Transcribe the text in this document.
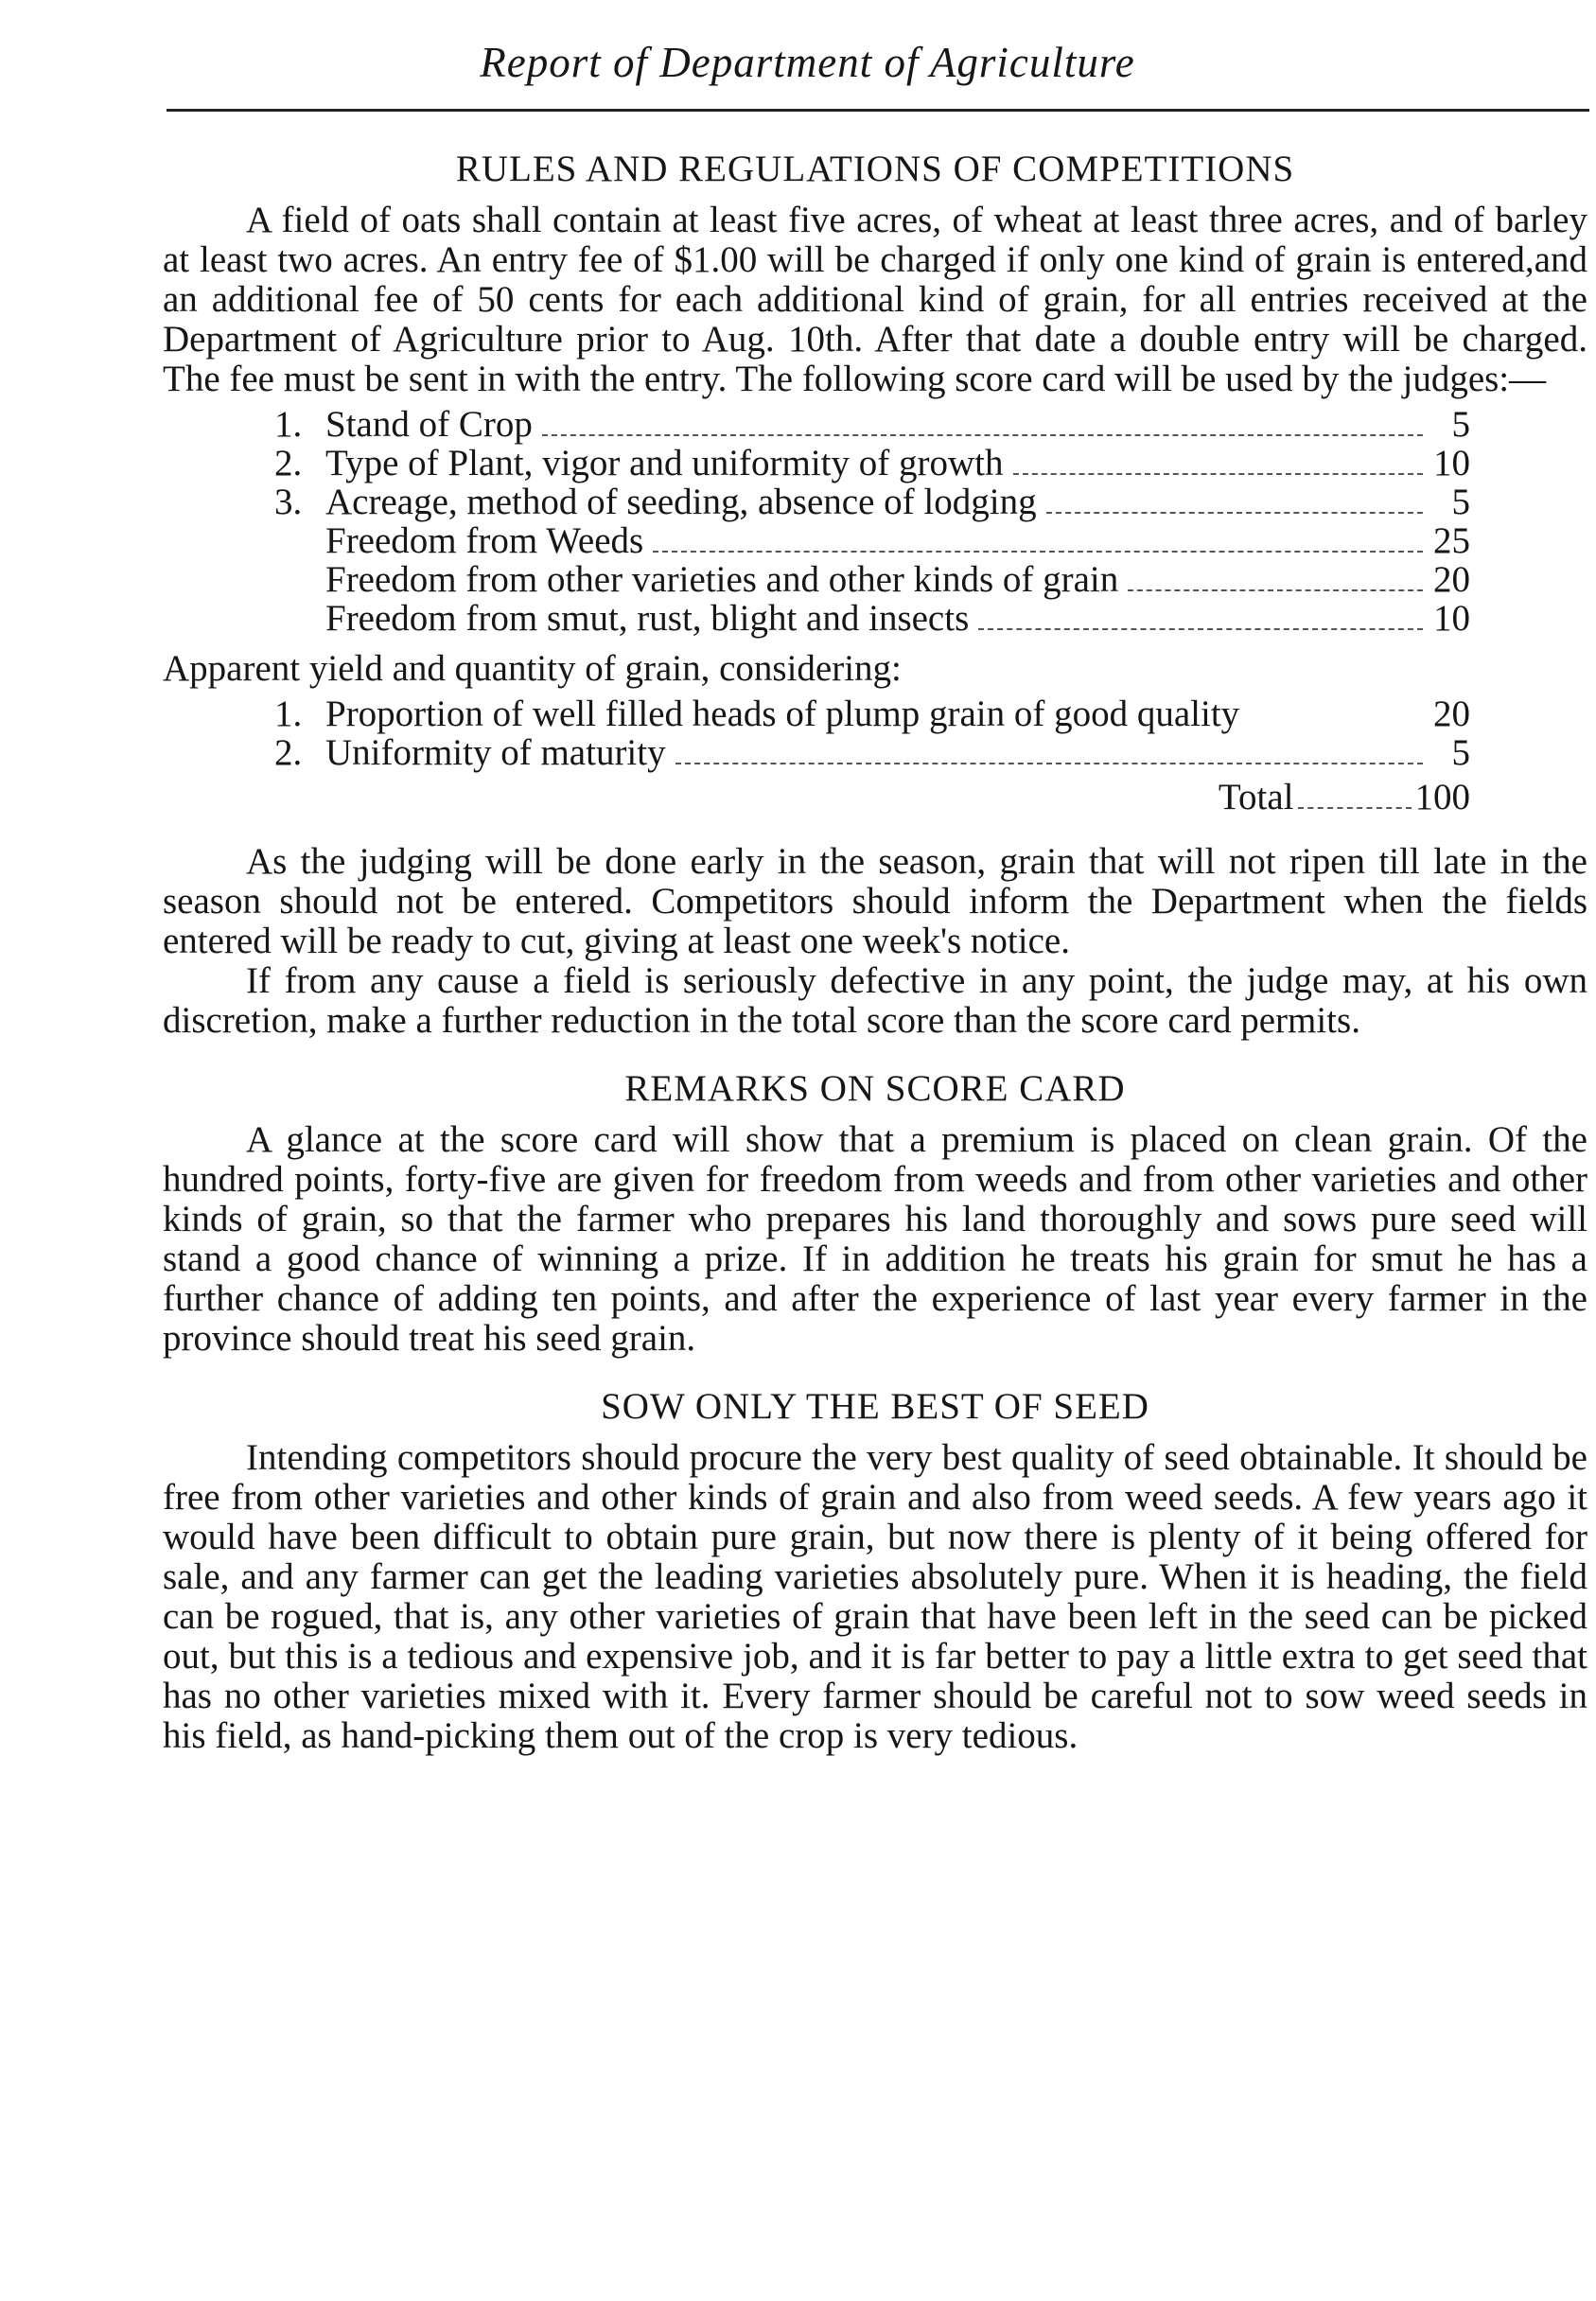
Report of Department of Agriculture
RULES AND REGULATIONS OF COMPETITIONS

A field of oats shall contain at least five acres, of wheat at least three acres, and of barley at least two acres. An entry fee of $1.00 will be charged if only one kind of grain is entered,and an additional fee of 50 cents for each additional kind of grain, for all entries received at the Department of Agriculture prior to Aug. 10th. After that date a double entry will be charged. The fee must be sent in with the entry. The following score card will be used by the judges:—

1. Stand of Crop	5
2. Type of Plant, vigor and uniformity of growth	10
3. Acreage, method of seeding, absence of lodging	5
Freedom from Weeds	25
Freedom from other varieties and other kinds of grain	20
Freedom from smut, rust, blight and insects	10

Apparent yield and quantity of grain, considering:

1. Proportion of well filled heads of plump grain of good quality	20
2. Uniformity of maturity	5
Total	100

As the judging will be done early in the season, grain that will not ripen till late in the season should not be entered. Competitors should inform the Department when the fields entered will be ready to cut, giving at least one week's notice.

If from any cause a field is seriously defective in any point, the judge may, at his own discretion, make a further reduction in the total score than the score card permits.

REMARKS ON SCORE CARD

A glance at the score card will show that a premium is placed on clean grain. Of the hundred points, forty-five are given for freedom from weeds and from other varieties and other kinds of grain, so that the farmer who prepares his land thoroughly and sows pure seed will stand a good chance of winning a prize. If in addition he treats his grain for smut he has a further chance of adding ten points, and after the experience of last year every farmer in the province should treat his seed grain.

SOW ONLY THE BEST OF SEED

Intending competitors should procure the very best quality of seed obtainable. It should be free from other varieties and other kinds of grain and also from weed seeds. A few years ago it would have been difficult to obtain pure grain, but now there is plenty of it being offered for sale, and any farmer can get the leading varieties absolutely pure. When it is heading, the field can be rogued, that is, any other varieties of grain that have been left in the seed can be picked out, but this is a tedious and expensive job, and it is far better to pay a little extra to get seed that has no other varieties mixed with it. Every farmer should be careful not to sow weed seeds in his field, as hand-picking them out of the crop is very tedious.
